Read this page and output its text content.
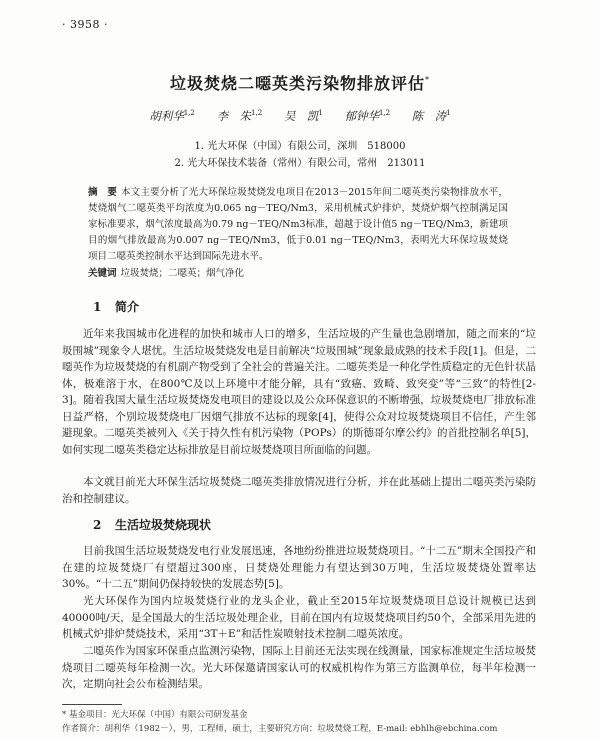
· 3958 ·
垃圾焚烧二噁英类污染物排放评估*
胡利华$^{1,2}$ 李　朱$^{1,2}$ 吴　凯$^1$ 郁钟华$^{1,2}$ 陈　涛$^1$
1. 光大环保（中国）有限公司，深圳　518000
2. 光大环保技术装备（常州）有限公司，常州　213011
摘　要 本文主要分析了光大环保垃圾焚烧发电项目在2013－2015年间二噁英类污染物排放水平，焚烧烟气二噁英类平均浓度为0.065 ng－TEQ/Nm3，采用机械式炉排炉，焚烧炉烟气控制满足国家标准要求，烟气浓度最高为0.79 ng－TEQ/Nm3标准，超越于设计值5 ng－TEQ/Nm3，新建项目的烟气排放最高为0.007 ng－TEQ/Nm3，低于0.01 ng－TEQ/Nm3，表明光大环保垃圾焚烧项目二噁英类控制水平达到国际先进水平。
关键词 垃圾焚烧；二噁英；烟气净化
1 简介
近年来我国城市化进程的加快和城市人口的增多，生活垃圾的产生量也急剧增加，随之而来的“垃圾围城”现象令人堪忧。生活垃圾焚烧发电是目前解决“垃圾围城”现象最成熟的技术手段[1]。但是，二噁英作为垃圾焚烧的有机副产物受到了全社会的普遍关注。二噁英类是一种化学性质稳定的无色针状晶体，极难溶于水，在800℃及以上环境中才能分解，具有“致癌、致畸、致突变”等“三致”的特性[2-3]。随着我国大量生活垃圾焚烧发电项目的建设以及公众环保意识的不断增强，垃圾焚烧电厂排放标准日益严格，个别垃圾焚烧电厂因烟气排放不达标的现象[4]，使得公众对垃圾焚烧项目不信任，产生邻避现象。二噁英类被列入《关于持久性有机污染物（POPs）的斯德哥尔摩公约》的首批控制名单[5]，如何实现二噁英类稳定达标排放是目前垃圾焚烧项目所面临的问题。
本文就目前光大环保生活垃圾焚烧二噁英类排放情况进行分析，并在此基础上提出二噁英类污染防治和控制建议。
2 生活垃圾焚烧现状
目前我国生活垃圾焚烧发电行业发展迅速，各地纷纷推进垃圾焚烧项目。“十二五”期末全国投产和在建的垃圾焚烧厂有望超过300座，日焚烧处理能力有望达到30万吨，生活垃圾焚烧处置率达30%。“十二五”期间仍保持较快的发展态势[5]。
光大环保作为国内垃圾焚烧行业的龙头企业，截止至2015年垃圾焚烧项目总设计规模已达到40000吨/天，是全国最大的生活垃圾处理企业，目前在国内有垃圾焚烧项目约50个，全部采用先进的机械式炉排炉焚烧技术，采用“3T＋E”和活性炭喷射技术控制二噁英浓度。
二噁英作为国家环保重点监测污染物，国际上目前还无法实现在线测量，国家标准规定生活垃圾焚烧项目二噁英每年检测一次。光大环保邀请国家认可的权威机构作为第三方监测单位，每半年检测一次，定期向社会公布检测结果。
* 基金项目：光大环保（中国）有限公司研发基金
作者简介：胡利华（1982－），男，工程师，硕士，主要研究方向：垃圾焚烧工程，E-mail: ebhlh@ebchina.com
